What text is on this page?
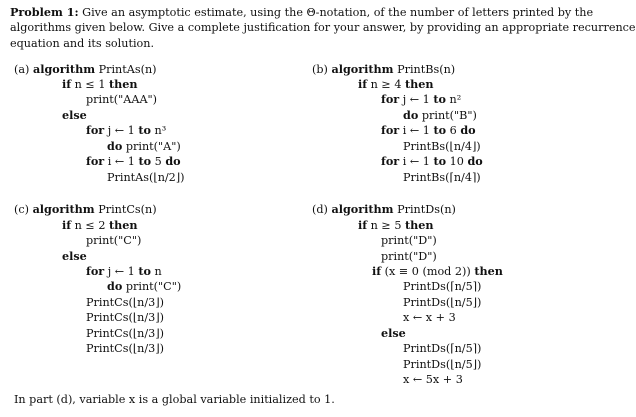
Problem 1: Give an asymptotic estimate, using the Θ-notation, of the number of letters printed by the
algorithms given below. Give a complete justification for your answer, by providing an appropriate recurrence
equation and its solution.
(a) algorithm PrintAs(n)
if n ≤ 1 then
print("AAA")
else
for j ← 1 to n³
do print("A")
for i ← 1 to 5 do
PrintAs(⌊n/2⌋)
(b) algorithm PrintBs(n)
if n ≥ 4 then
for j ← 1 to n²
do print("B")
for i ← 1 to 6 do
PrintBs(⌊n/4⌋)
for i ← 1 to 10 do
PrintBs(⌈n/4⌉)
(c) algorithm PrintCs(n)
if n ≤ 2 then
print("C")
else
for j ← 1 to n
do print("C")
PrintCs(⌊n/3⌋)
PrintCs(⌊n/3⌋)
PrintCs(⌊n/3⌋)
PrintCs(⌊n/3⌋)
(d) algorithm PrintDs(n)
if n ≥ 5 then
print("D")
print("D")
if (x ≡ 0 (mod 2)) then
PrintDs(⌈n/5⌉)
PrintDs(⌊n/5⌋)
x ← x + 3
else
PrintDs(⌈n/5⌉)
PrintDs(⌊n/5⌋)
x ← 5x + 3
In part (d), variable x is a global variable initialized to 1.
